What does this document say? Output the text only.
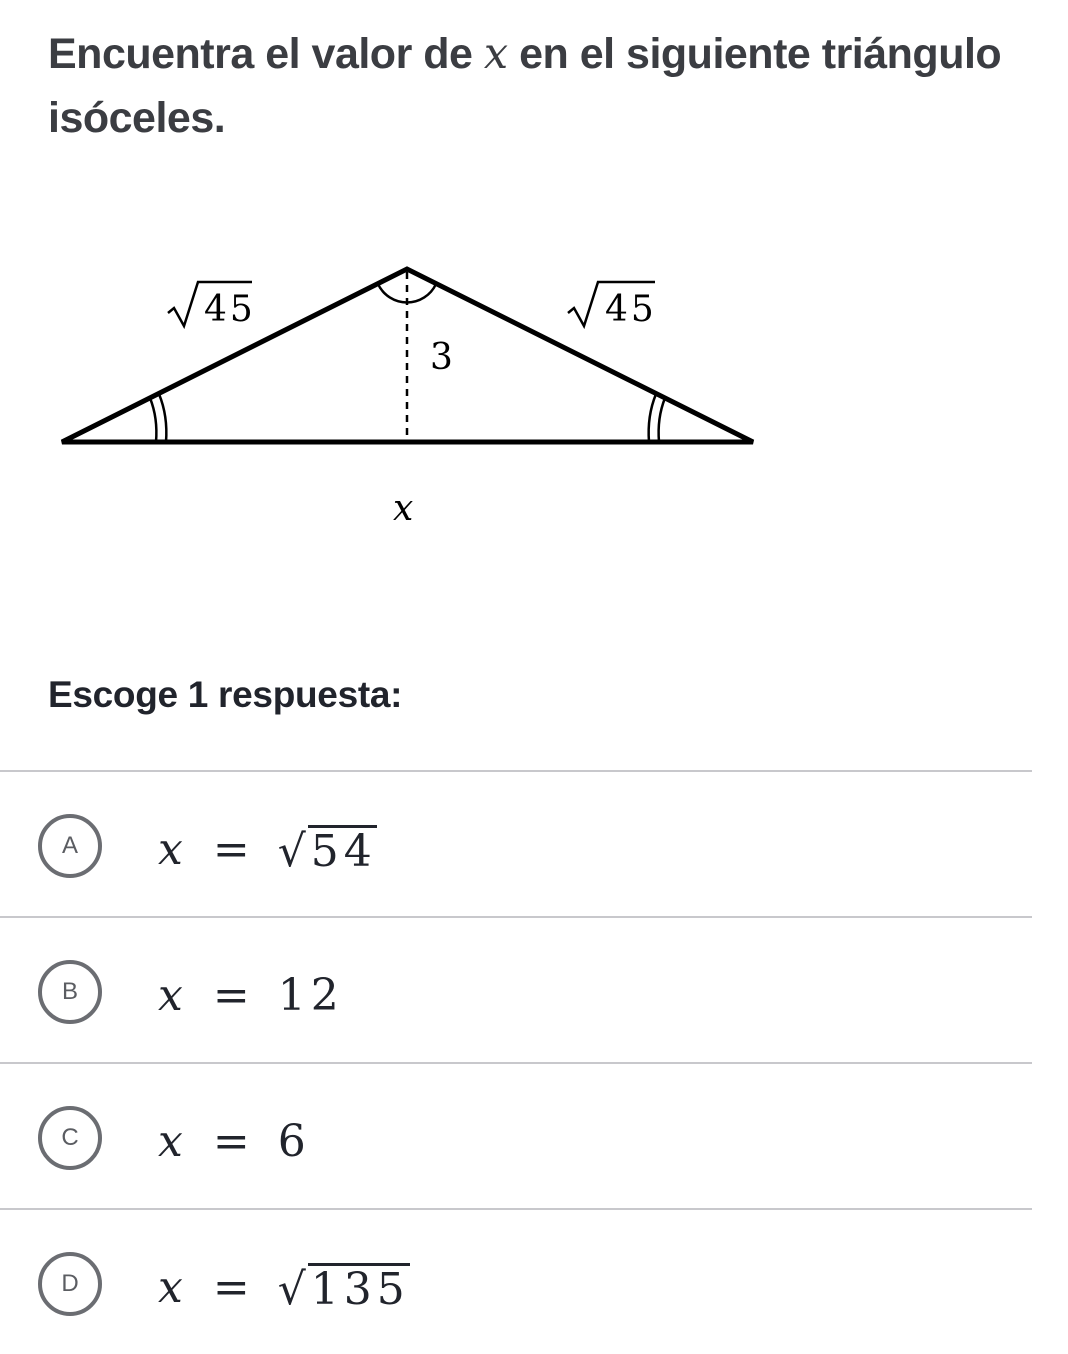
Encuentra el valor de x en el siguiente triángulo isóceles.
45	45
3
x
Escoge 1 respuesta:
A	x = √ 54
B	x = 12
C	x = 6
D	x = √ 135
